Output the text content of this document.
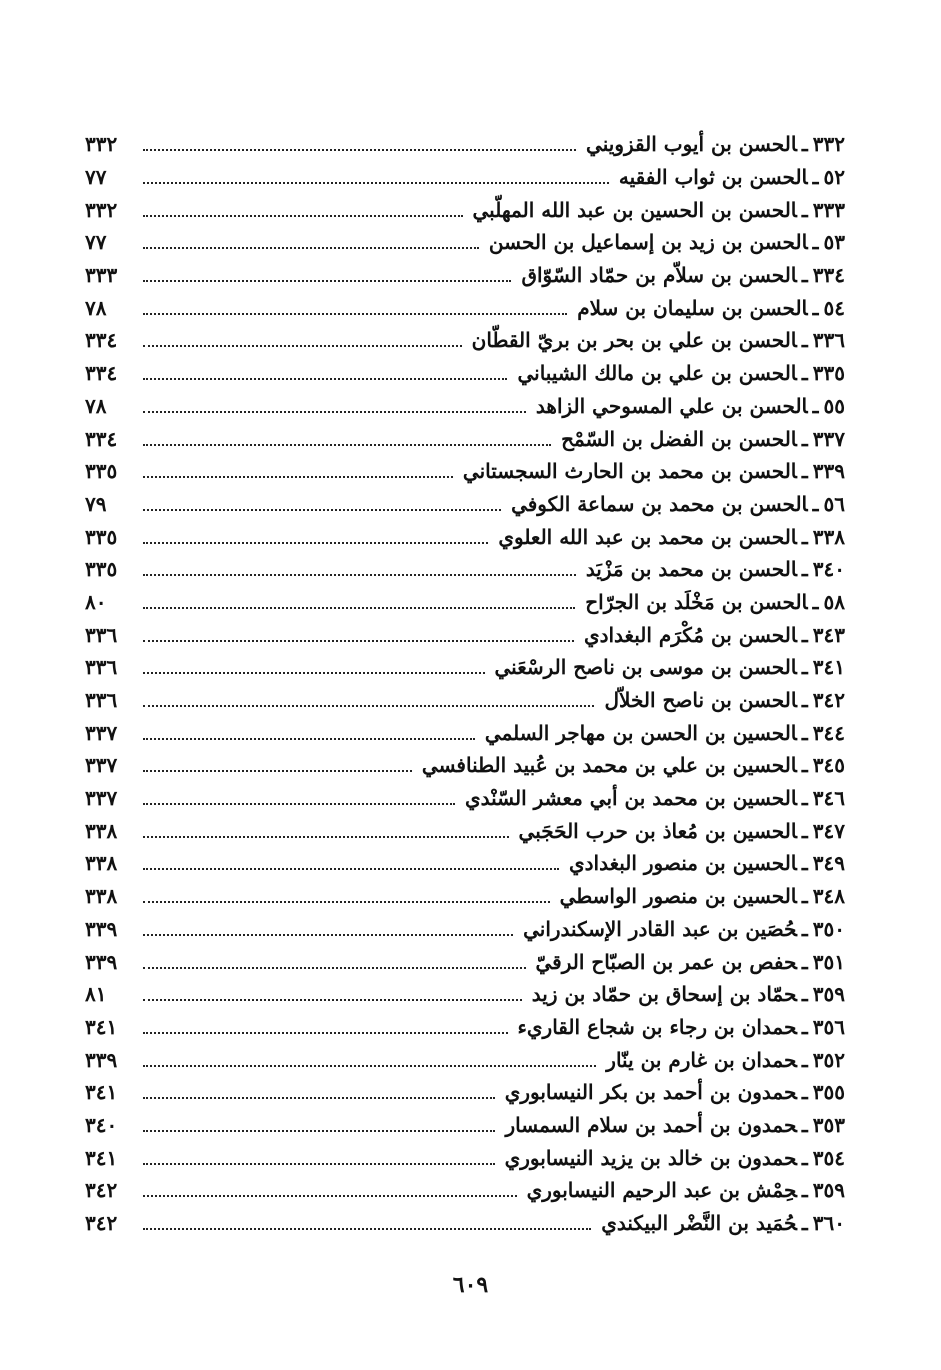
٣٣٢ـالحسن بن أيوب القزويني
٣٣٢
٥٢ـالحسن بن ثواب الفقيه
٧٧
٣٣٣ـالحسن بن الحسين بن عبد الله المهلّبي
٣٣٢
٥٣ـالحسن بن زيد بن إسماعيل بن الحسن
٧٧
٣٣٤ـالحسن بن سلاّم بن حمّاد السّوّاق
٣٣٣
٥٤ـالحسن بن سليمان بن سلام
٧٨
٣٣٦ـالحسن بن علي بن بحر بن بريّ القطّان
٣٣٤
٣٣٥ـالحسن بن علي بن مالك الشيباني
٣٣٤
٥٥ـالحسن بن علي المسوحي الزاهد
٧٨
٣٣٧ـالحسن بن الفضل بن السّمْح
٣٣٤
٣٣٩ـالحسن بن محمد بن الحارث السجستاني
٣٣٥
٥٦ـالحسن بن محمد بن سماعة الكوفي
٧٩
٣٣٨ـالحسن بن محمد بن عبد الله العلوي
٣٣٥
٣٤٠ـالحسن بن محمد بن مَزْيَد
٣٣٥
٥٨ـالحسن بن مَخْلَد بن الجرّاح
٨٠
٣٤٣ـالحسن بن مُكْرَم البغدادي
٣٣٦
٣٤١ـالحسن بن موسى بن ناصح الرسْعَني
٣٣٦
٣٤٢ـالحسن بن ناصح الخلاّل
٣٣٦
٣٤٤ـالحسين بن الحسن بن مهاجر السلمي
٣٣٧
٣٤٥ـالحسين بن علي بن محمد بن عُبيد الطنافسي
٣٣٧
٣٤٦ـالحسين بن محمد بن أبي معشر السّنْدي
٣٣٧
٣٤٧ـالحسين بن مُعاذ بن حرب الحَجَبي
٣٣٨
٣٤٩ـالحسين بن منصور البغدادي
٣٣٨
٣٤٨ـالحسين بن منصور الواسطي
٣٣٨
٣٥٠ـحُصَين بن عبد القادر الإسكندراني
٣٣٩
٣٥١ـحفص بن عمر بن الصبّاح الرقيّ
٣٣٩
٣٥٩ـحمّاد بن إسحاق بن حمّاد بن زيد
٨١
٣٥٦ـحمدان بن رجاء بن شجاع القاريء
٣٤١
٣٥٢ـحمدان بن غارم بن ينّار
٣٣٩
٣٥٥ـحمدون بن أحمد بن بكر النيسابوري
٣٤١
٣٥٣ـحمدون بن أحمد بن سلام السمسار
٣٤٠
٣٥٤ـحمدون بن خالد بن يزيد النيسابوري
٣٤١
٣٥٩ـحِمْش بن عبد الرحيم النيسابوري
٣٤٢
٣٦٠ـحُمَيد بن النَّضْر البيكندي
٣٤٢
٦٠٩
